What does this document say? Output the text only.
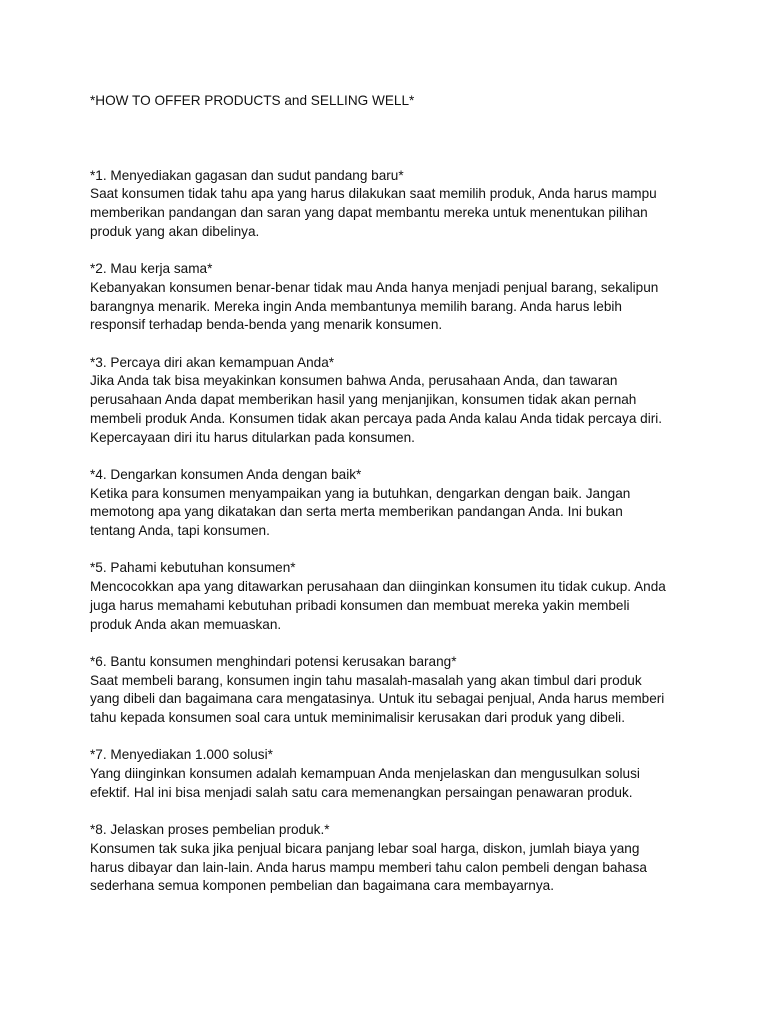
*HOW TO OFFER PRODUCTS and SELLING WELL*
*1. Menyediakan gagasan dan sudut pandang baru*
Saat konsumen tidak tahu apa yang harus dilakukan saat memilih produk, Anda harus mampu
memberikan pandangan dan saran yang dapat membantu mereka untuk menentukan pilihan
produk yang akan dibelinya.
*2. Mau kerja sama*
Kebanyakan konsumen benar-benar tidak mau Anda hanya menjadi penjual barang, sekalipun
barangnya menarik. Mereka ingin Anda membantunya memilih barang. Anda harus lebih
responsif terhadap benda-benda yang menarik konsumen.
*3. Percaya diri akan kemampuan Anda*
Jika Anda tak bisa meyakinkan konsumen bahwa Anda, perusahaan Anda, dan tawaran
perusahaan Anda dapat memberikan hasil yang menjanjikan, konsumen tidak akan pernah
membeli produk Anda. Konsumen tidak akan percaya pada Anda kalau Anda tidak percaya diri.
Kepercayaan diri itu harus ditularkan pada konsumen.
*4. Dengarkan konsumen Anda dengan baik*
Ketika para konsumen menyampaikan yang ia butuhkan, dengarkan dengan baik. Jangan
memotong apa yang dikatakan dan serta merta memberikan pandangan Anda. Ini bukan
tentang Anda, tapi konsumen.
*5. Pahami kebutuhan konsumen*
Mencocokkan apa yang ditawarkan perusahaan dan diinginkan konsumen itu tidak cukup. Anda
juga harus memahami kebutuhan pribadi konsumen dan membuat mereka yakin membeli
produk Anda akan memuaskan.
*6. Bantu konsumen menghindari potensi kerusakan barang*
Saat membeli barang, konsumen ingin tahu masalah-masalah yang akan timbul dari produk
yang dibeli dan bagaimana cara mengatasinya. Untuk itu sebagai penjual, Anda harus memberi
tahu kepada konsumen soal cara untuk meminimalisir kerusakan dari produk yang dibeli.
*7. Menyediakan 1.000 solusi*
Yang diinginkan konsumen adalah kemampuan Anda menjelaskan dan mengusulkan solusi
efektif. Hal ini bisa menjadi salah satu cara memenangkan persaingan penawaran produk.
*8. Jelaskan proses pembelian produk.*
Konsumen tak suka jika penjual bicara panjang lebar soal harga, diskon, jumlah biaya yang
harus dibayar dan lain-lain. Anda harus mampu memberi tahu calon pembeli dengan bahasa
sederhana semua komponen pembelian dan bagaimana cara membayarnya.
